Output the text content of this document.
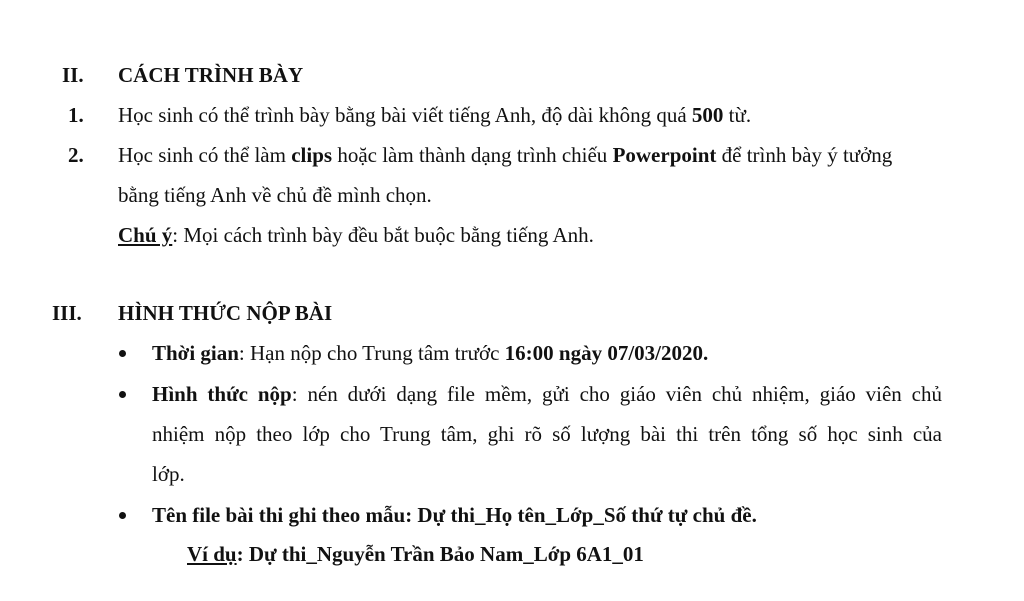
II. CÁCH TRÌNH BÀY
1. Học sinh có thể trình bày bằng bài viết tiếng Anh, độ dài không quá 500 từ.
2. Học sinh có thể làm clips hoặc làm thành dạng trình chiếu Powerpoint để trình bày ý tưởng
bằng tiếng Anh về chủ đề mình chọn.
Chú ý: Mọi cách trình bày đều bắt buộc bằng tiếng Anh.
III. HÌNH THỨC NỘP BÀI
Thời gian: Hạn nộp cho Trung tâm trước 16:00 ngày 07/03/2020.
Hình thức nộp: nén dưới dạng file mềm, gửi cho giáo viên chủ nhiệm, giáo viên chủ
nhiệm nộp theo lớp cho Trung tâm, ghi rõ số lượng bài thi trên tổng số học sinh của
lớp.
Tên file bài thi ghi theo mẫu: Dự thi_Họ tên_Lớp_Số thứ tự chủ đề.
Ví dụ: Dự thi_Nguyễn Trần Bảo Nam_Lớp 6A1_01
